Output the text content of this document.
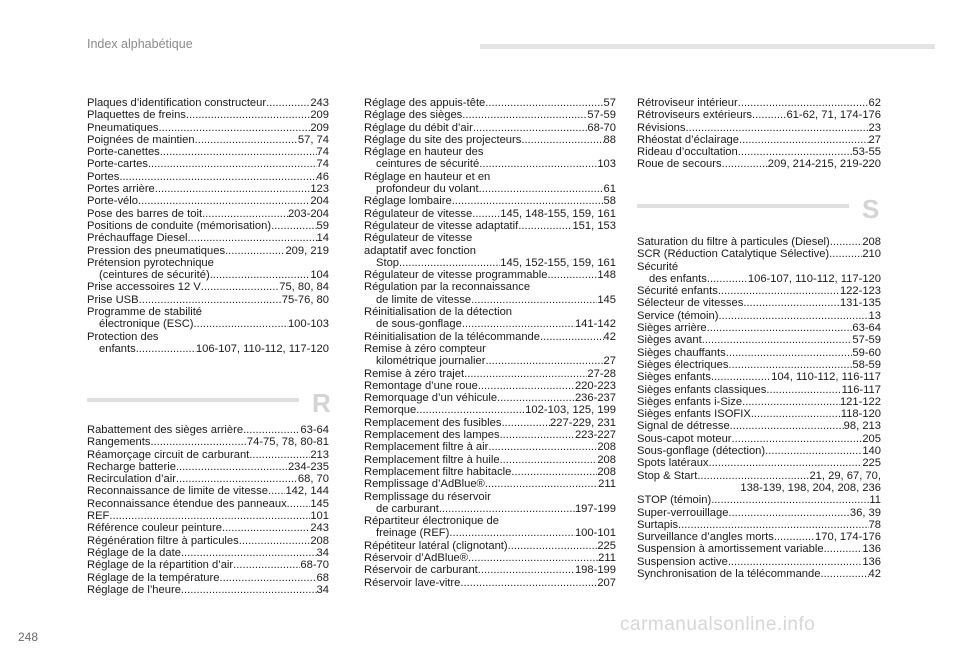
Index alphabétique
Plaques d’identification constructeur .....	243
Plaquettes de freins .....	209
Pneumatiques .....	209
Poignées de maintien .....	57, 74
Porte-canettes .....	74
Porte-cartes .....	74
Portes .....	46
Portes arrière .....	123
Porte-vélo .....	204
Pose des barres de toit .....	203-204
Positions de conduite (mémorisation) .....	59
Préchauffage Diesel .....	14
Pression des pneumatiques .....	209, 219
Prétension pyrotechnique
(ceintures de sécurité) .....	104
Prise accessoires 12 V .....	75, 80, 84
Prise USB .....	75-76, 80
Programme de stabilité
électronique (ESC) .....	100-103
Protection des
enfants .....	106-107, 110-112, 117-120
R
Rabattement des sièges arrière .....	63-64
Rangements .....	74-75, 78, 80-81
Réamorçage circuit de carburant .....	213
Recharge batterie .....	234-235
Recirculation d’air .....	68, 70
Reconnaissance de limite de vitesse ..... 142, 144
Reconnaissance étendue des panneaux ..... 145
REF .....	101
Référence couleur peinture .....	243
Régénération filtre à particules .....	208
Réglage de la date .....	34
Réglage de la répartition d’air .....	68-70
Réglage de la température .....	68
Réglage de l’heure .....	34
Réglage des appuis-tête .....	57
Réglage des sièges .....	57-59
Réglage du débit d’air .....	68-70
Réglage du site des projecteurs .....	88
Réglage en hauteur des
ceintures de sécurité .....	103
Réglage en hauteur et en
profondeur du volant .....	61
Réglage lombaire .....	58
Régulateur de vitesse .....	145, 148-155, 159, 161
Régulateur de vitesse adaptatif .....	151, 153
Régulateur de vitesse
adaptatif avec fonction
Stop .....	145, 152-155, 159, 161
Régulateur de vitesse programmable .....	148
Régulation par la reconnaissance
de limite de vitesse .....	145
Réinitialisation de la détection
de sous-gonflage .....	141-142
Réinitialisation de la télécommande .....	42
Remise à zéro compteur
kilométrique journalier .....	27
Remise à zéro trajet .....	27-28
Remontage d’une roue .....	220-223
Remorquage d’un véhicule .....	236-237
Remorque .....	102-103, 125, 199
Remplacement des fusibles .....	227-229, 231
Remplacement des lampes .....	223-227
Remplacement filtre à air .....	208
Remplacement filtre à huile .....	208
Remplacement filtre habitacle .....	208
Remplissage d’AdBlue® .....	211
Remplissage du réservoir
de carburant .....	197-199
Répartiteur électronique de
freinage (REF) .....	100-101
Répétiteur latéral (clignotant) .....	225
Réservoir d’AdBlue® .....	211
Réservoir de carburant .....	198-199
Réservoir lave-vitre .....	207
Rétroviseur intérieur .....	62
Rétroviseurs extérieurs .....	61-62, 71, 174-176
Révisions .....	23
Rhéostat d’éclairage .....	27
Rideau d’occultation .....	53-55
Roue de secours .....	209, 214-215, 219-220
S
Saturation du filtre à particules (Diesel) .....	208
SCR (Réduction Catalytique Sélective) .....	210
Sécurité
des enfants .....	106-107, 110-112, 117-120
Sécurité enfants .....	122-123
Sélecteur de vitesses .....	131-135
Service (témoin) .....	13
Sièges arrière .....	63-64
Sièges avant .....	57-59
Sièges chauffants .....	59-60
Sièges électriques .....	58-59
Sièges enfants .....	104, 110-112, 116-117
Sièges enfants classiques .....	116-117
Sièges enfants i-Size .....	121-122
Sièges enfants ISOFIX .....	118-120
Signal de détresse .....	98, 213
Sous-capot moteur .....	205
Sous-gonflage (détection) .....	140
Spots latéraux .....	225
Stop & Start .....	21, 29, 67, 70,
138-139, 198, 204, 208, 236
STOP (témoin) .....	11
Super-verrouillage .....	36, 39
Surtapis .....	78
Surveillance d’angles morts .....	170, 174-176
Suspension à amortissement variable .....	136
Suspension active .....	136
Synchronisation de la télécommande .....	42
248
carmanualsonline.info
